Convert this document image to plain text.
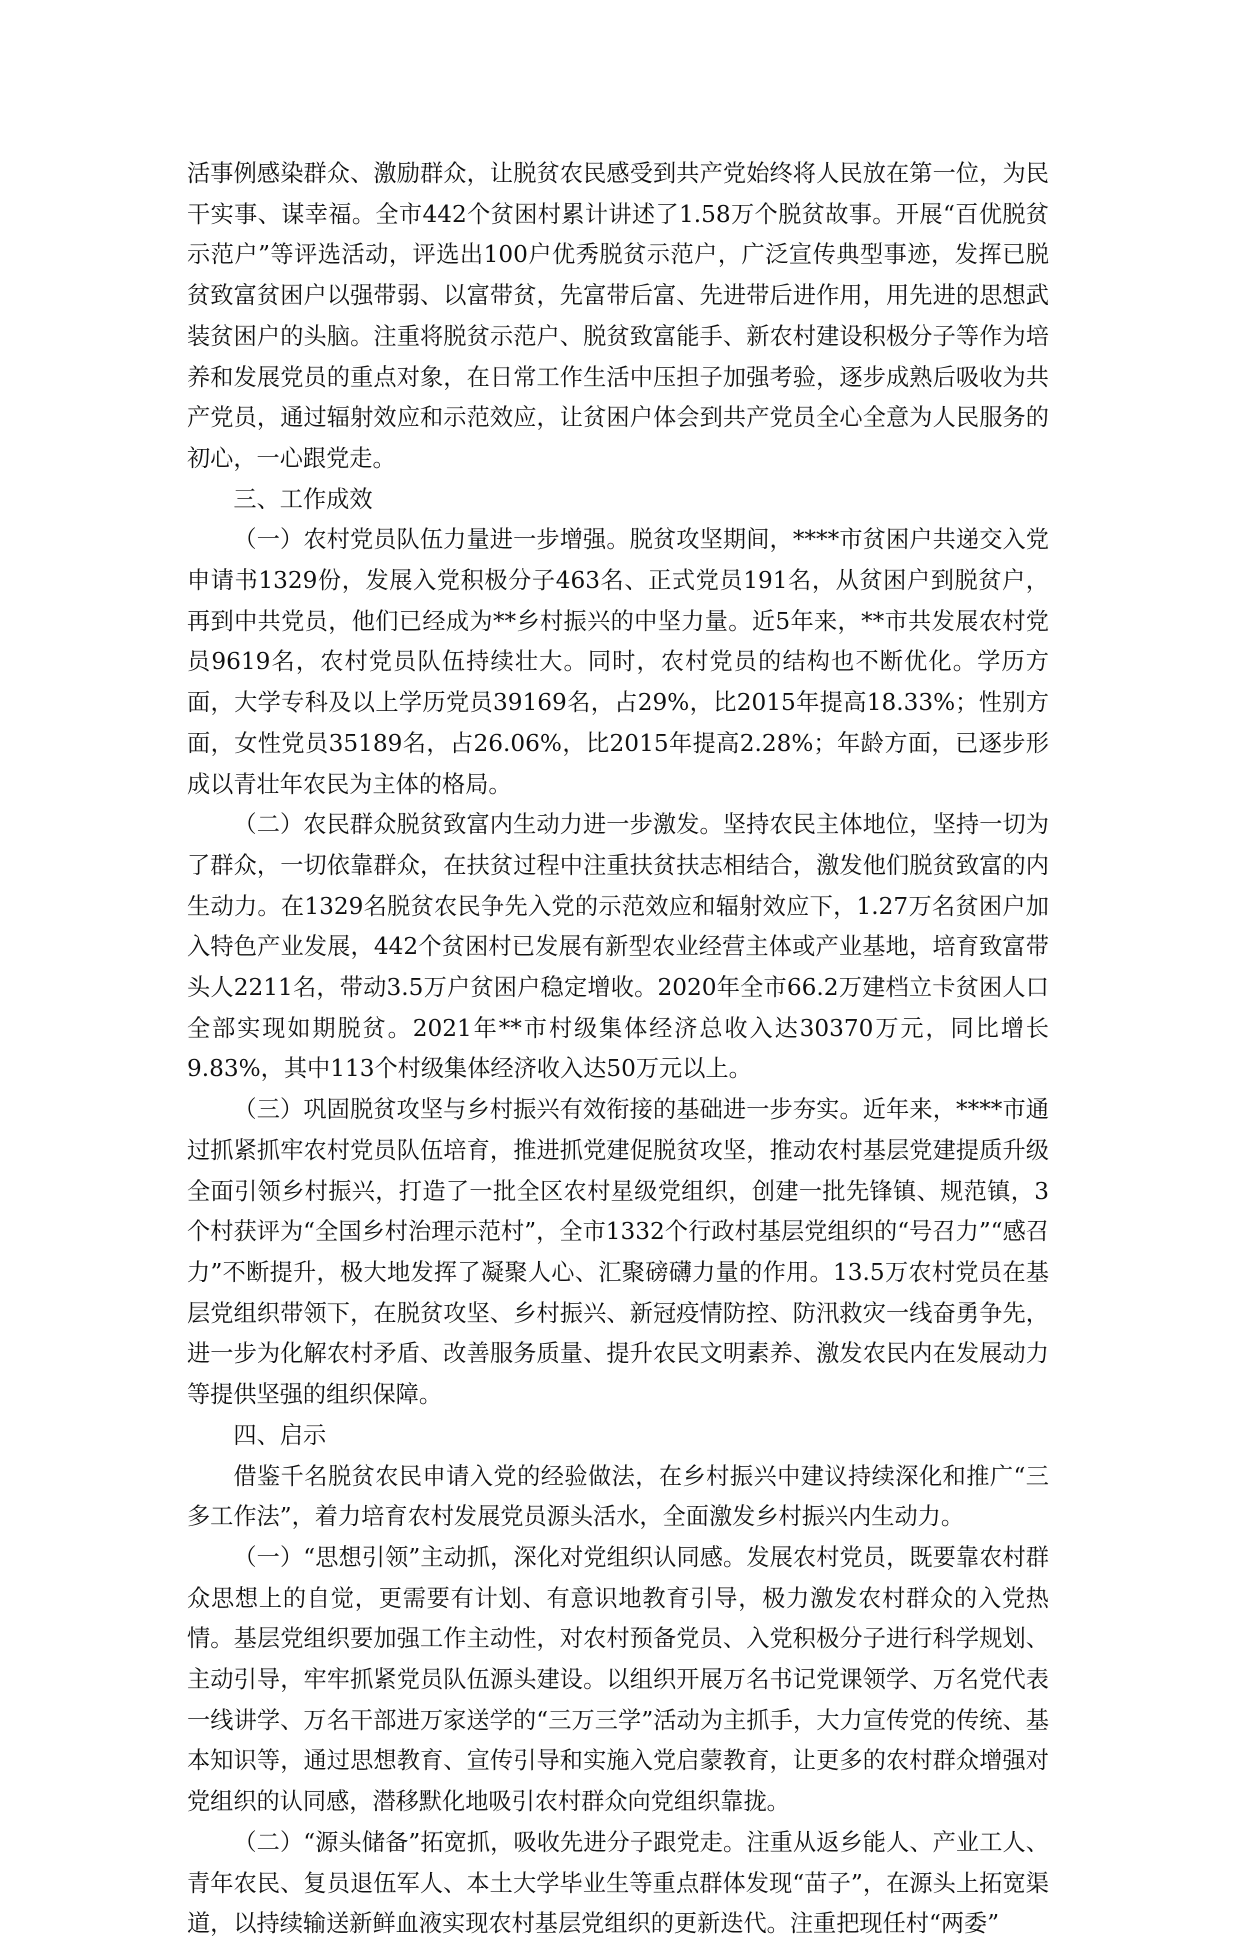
活事例感染群众、激励群众，让脱贫农民感受到共产党始终将人民放在第一位，为民干实事、谋幸福。全市442个贫困村累计讲述了1.58万个脱贫故事。开展“百优脱贫示范户”等评选活动，评选出100户优秀脱贫示范户，广泛宣传典型事迹，发挥已脱贫致富贫困户以强带弱、以富带贫，先富带后富、先进带后进作用，用先进的思想武装贫困户的头脑。注重将脱贫示范户、脱贫致富能手、新农村建设积极分子等作为培养和发展党员的重点对象，在日常工作生活中压担子加强考验，逐步成熟后吸收为共产党员，通过辐射效应和示范效应，让贫困户体会到共产党员全心全意为人民服务的初心，一心跟党走。

三、工作成效

（一）农村党员队伍力量进一步增强。脱贫攻坚期间，****市贫困户共递交入党申请书1329份，发展入党积极分子463名、正式党员191名，从贫困户到脱贫户，再到中共党员，他们已经成为**乡村振兴的中坚力量。近5年来，**市共发展农村党员9619名，农村党员队伍持续壮大。同时，农村党员的结构也不断优化。学历方面，大学专科及以上学历党员39169名，占29%，比2015年提高18.33%；性别方面，女性党员35189名，占26.06%，比2015年提高2.28%；年龄方面，已逐步形成以青壮年农民为主体的格局。

（二）农民群众脱贫致富内生动力进一步激发。坚持农民主体地位，坚持一切为了群众，一切依靠群众，在扶贫过程中注重扶贫扶志相结合，激发他们脱贫致富的内生动力。在1329名脱贫农民争先入党的示范效应和辐射效应下，1.27万名贫困户加入特色产业发展，442个贫困村已发展有新型农业经营主体或产业基地，培育致富带头人2211名，带动3.5万户贫困户稳定增收。2020年全市66.2万建档立卡贫困人口全部实现如期脱贫。2021年**市村级集体经济总收入达30370万元，同比增长9.83%，其中113个村级集体经济收入达50万元以上。

（三）巩固脱贫攻坚与乡村振兴有效衔接的基础进一步夯实。近年来，****市通过抓紧抓牢农村党员队伍培育，推进抓党建促脱贫攻坚，推动农村基层党建提质升级全面引领乡村振兴，打造了一批全区农村星级党组织，创建一批先锋镇、规范镇，3个村获评为“全国乡村治理示范村”，全市1332个行政村基层党组织的“号召力”“感召力”不断提升，极大地发挥了凝聚人心、汇聚磅礴力量的作用。13.5万农村党员在基层党组织带领下，在脱贫攻坚、乡村振兴、新冠疫情防控、防汛救灾一线奋勇争先，进一步为化解农村矛盾、改善服务质量、提升农民文明素养、激发农民内在发展动力等提供坚强的组织保障。

四、启示

借鉴千名脱贫农民申请入党的经验做法，在乡村振兴中建议持续深化和推广“三多工作法”，着力培育农村发展党员源头活水，全面激发乡村振兴内生动力。

（一）“思想引领”主动抓，深化对党组织认同感。发展农村党员，既要靠农村群众思想上的自觉，更需要有计划、有意识地教育引导，极力激发农村群众的入党热情。基层党组织要加强工作主动性，对农村预备党员、入党积极分子进行科学规划、主动引导，牢牢抓紧党员队伍源头建设。以组织开展万名书记党课领学、万名党代表一线讲学、万名干部进万家送学的“三万三学”活动为主抓手，大力宣传党的传统、基本知识等，通过思想教育、宣传引导和实施入党启蒙教育，让更多的农村群众增强对党组织的认同感，潜移默化地吸引农村群众向党组织靠拢。

（二）“源头储备”拓宽抓，吸收先进分子跟党走。注重从返乡能人、产业工人、青年农民、复员退伍军人、本土大学毕业生等重点群体发现“苗子”，在源头上拓宽渠道，以持续输送新鲜血液实现农村基层党组织的更新迭代。注重把现任村“两委”
